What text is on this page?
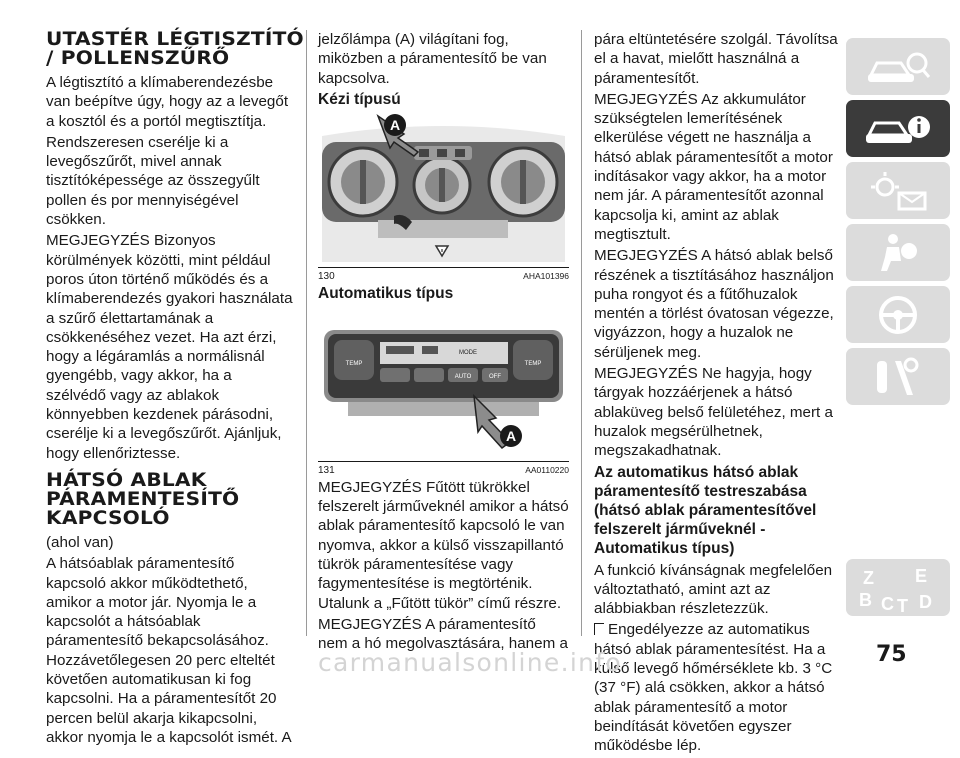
UTASTÉR LÉGTISZTÍTÓ / POLLENSZŰRŐ

A légtisztító a klímaberendezésbe van beépítve úgy, hogy az a levegőt a kosztól és a portól megtisztítja.

Rendszeresen cserélje ki a levegőszűrőt, mivel annak tisztítóképessége az összegyűlt pollen és por mennyiségével csökken.

MEGJEGYZÉS Bizonyos körülmények közötti, mint például poros úton történő működés és a klímaberendezés gyakori használata a szűrő élettartamának a csökkenéséhez vezet. Ha azt érzi, hogy a légáramlás a normálisnál gyengébb, vagy akkor, ha a szélvédő vagy az ablakok könnyebben kezdenek párásodni, cserélje ki a levegőszűrőt. Ajánljuk, hogy ellenőriztesse.

HÁTSÓ ABLAK PÁRAMENTESÍTŐ KAPCSOLÓ

(ahol van)

A hátsóablak páramentesítő kapcsoló akkor működtethető, amikor a motor jár. Nyomja le a kapcsolót a hátsóablak páramentesítő bekapcsolásához. Hozzávetőlegesen 20 perc elteltét követően automatikusan ki fog kapcsolni. Ha a páramentesítőt 20 percen belül akarja kikapcsolni, akkor nyomja le a kapcsolót ismét. A

jelzőlámpa (A) világítani fog, miközben a páramentesítő be van kapcsolva.

Kézi típusú
A
130	AHA101396
Automatikus típus
TEMP	TEMP
MODE
AUTO	OFF
A
131	AA0110220

MEGJEGYZÉS Fűtött tükrökkel felszerelt járműveknél amikor a hátsó ablak páramentesítő kapcsoló le van nyomva, akkor a külső visszapillantó tükrök páramentesítése vagy fagymentesítése is megtörténik. Utalunk a „Fűtött tükör” című részre.

MEGJEGYZÉS A páramentesítő nem a hó megolvasztására, hanem a

pára eltüntetésére szolgál. Távolítsa el a havat, mielőtt használná a páramentesítőt.

MEGJEGYZÉS Az akkumulátor szükségtelen lemerítésének elkerülése végett ne használja a hátsó ablak páramentesítőt a motor indításakor vagy akkor, ha a motor nem jár. A páramentesítőt azonnal kapcsolja ki, amint az ablak megtisztult.

MEGJEGYZÉS A hátsó ablak belső részének a tisztításához használjon puha rongyot és a fűtőhuzalok mentén a törlést óvatosan végezze, vigyázzon, hogy a huzalok ne sérüljenek meg.

MEGJEGYZÉS Ne hagyja, hogy tárgyak hozzáérjenek a hátsó ablaküveg belső felületéhez, mert a huzalok megsérülhetnek, megszakadhatnak.

Az automatikus hátsó ablak páramentesítő testreszabása (hátsó ablak páramentesítővel felszerelt járműveknél - Automatikus típus)

A funkció kívánságnak megfelelően változtatható, amint azt az alábbiakban részletezzük.

Engedélyezze az automatikus hátsó ablak páramentesítést. Ha a külső levegő hőmérséklete kb. 3 °C (37 °F) alá csökken, akkor a hátsó ablak páramentesítő a motor beindítását követően egyszer működésbe lép.

Z E
B C T D
75
carmanualsonline.info
